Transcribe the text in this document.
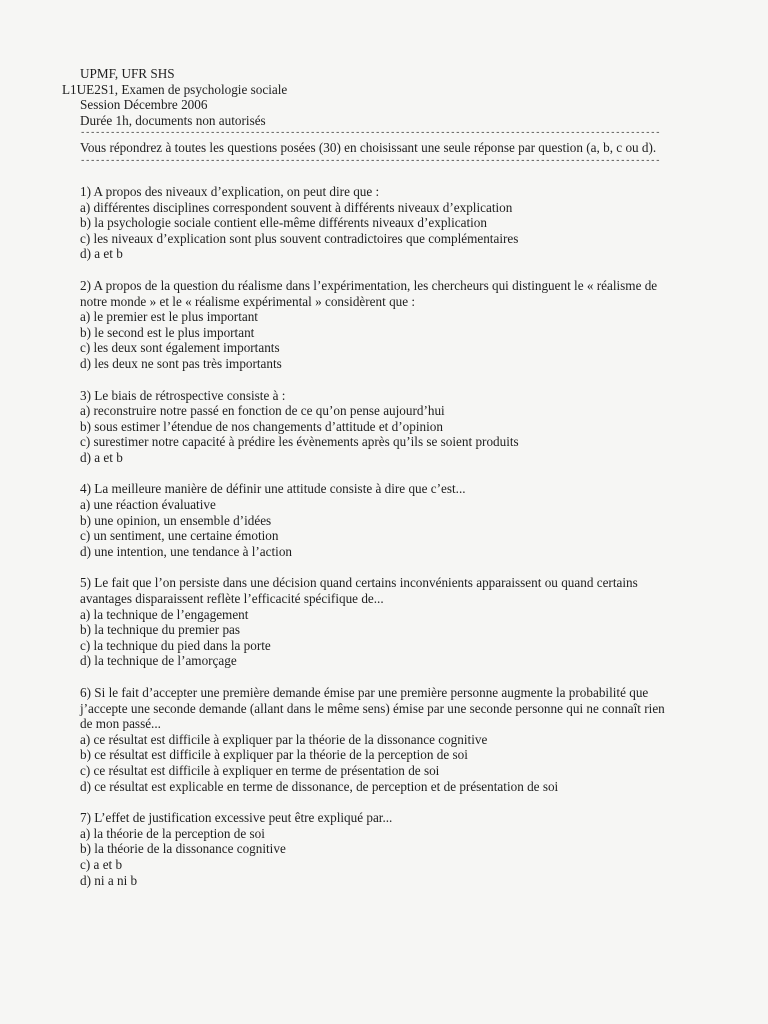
UPMF, UFR SHS
L1UE2S1, Examen de psychologie sociale
Session Décembre 2006
Durée 1h, documents non autorisés
-----
Vous répondrez à toutes les questions posées (30) en choisissant une seule réponse par question (a, b, c ou d).
-----
1) A propos des niveaux d’explication, on peut dire que :
a) différentes disciplines correspondent souvent à différents niveaux d’explication
b) la psychologie sociale contient elle-même différents niveaux d’explication
c) les niveaux d’explication sont plus souvent contradictoires que complémentaires
d) a et b
2) A propos de la question du réalisme dans l’expérimentation, les chercheurs qui distinguent le « réalisme de notre monde » et le « réalisme expérimental » considèrent que :
a) le premier est le plus important
b) le second est le plus important
c) les deux sont également importants
d) les deux ne sont pas très importants
3) Le biais de rétrospective consiste à :
a) reconstruire notre passé en fonction de ce qu’on pense aujourd’hui
b) sous estimer l’étendue de nos changements d’attitude et d’opinion
c) surestimer notre capacité à prédire les évènements après qu’ils se soient produits
d) a et b
4) La meilleure manière de définir une attitude consiste à dire que c’est...
a) une réaction évaluative
b) une opinion, un ensemble d’idées
c) un sentiment, une certaine émotion
d) une intention, une tendance à l’action
5) Le fait que l’on persiste dans une décision quand certains inconvénients apparaissent ou quand certains avantages disparaissent reflète l’efficacité spécifique de...
a) la technique de l’engagement
b) la technique du premier pas
c) la technique du pied dans la porte
d) la technique de l’amorçage
6) Si le fait d’accepter une première demande émise par une première personne augmente la probabilité que j’accepte une seconde demande (allant dans le même sens) émise par une seconde personne qui ne connaît rien de mon passé...
a) ce résultat est difficile à expliquer par la théorie de la dissonance cognitive
b) ce résultat est difficile à expliquer par la théorie de la perception de soi
c) ce résultat est difficile à expliquer en terme de présentation de soi
d) ce résultat est explicable en terme de dissonance, de perception et de présentation de soi
7) L’effet de justification excessive peut être expliqué par...
a) la théorie de la perception de soi
b) la théorie de la dissonance cognitive
c) a et b
d) ni a ni b
